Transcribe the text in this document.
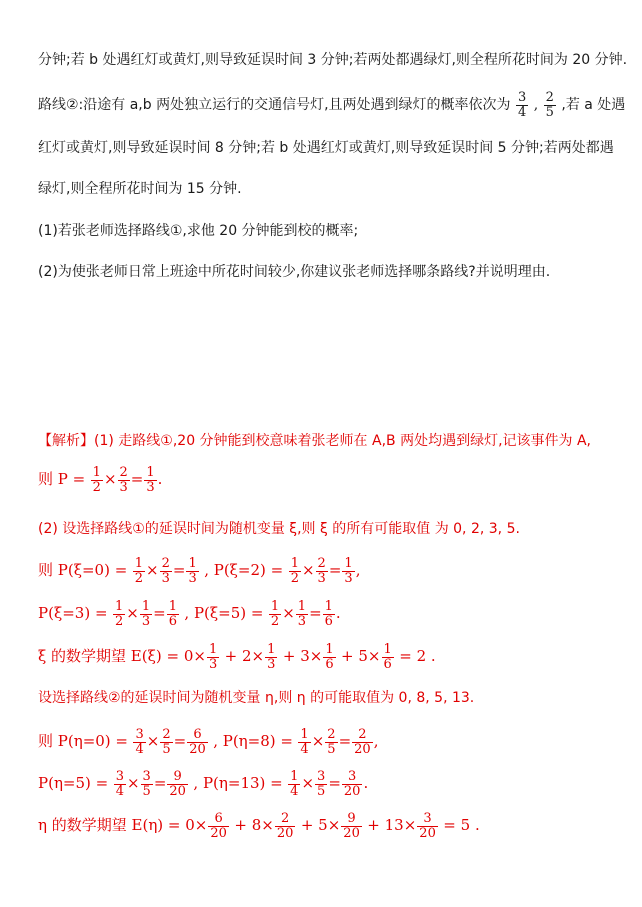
分钟;若 b 处遇红灯或黄灯,则导致延误时间 3 分钟;若两处都遇绿灯,则全程所花时间为 20 分钟.
路线②:沿途有 a,b 两处独立运行的交通信号灯,且两处遇到绿灯的概率依次为 $\frac{3}{4}$ , $\frac{2}{5}$ ,若 a 处遇
红灯或黄灯,则导致延误时间 8 分钟;若 b 处遇红灯或黄灯,则导致延误时间 5 分钟;若两处都遇
绿灯,则全程所花时间为 15 分钟.
(1)若张老师选择路线①,求他 20 分钟能到校的概率;
(2)为使张老师日常上班途中所花时间较少,你建议张老师选择哪条路线?并说明理由.
【解析】(1) 走路线①,20 分钟能到校意味着张老师在 A,B 两处均遇到绿灯,记该事件为 A,
则 $P = \frac{1}{2} \times \frac{2}{3} = \frac{1}{3}$ .
(2) 设选择路线①的延误时间为随机变量 ξ,则 ξ 的所有可能取值 为 0, 2, 3, 5.
则 $P(\xi=0) = \frac{1}{2} \times \frac{2}{3} = \frac{1}{3}$ , $P(\xi=2) = \frac{1}{2} \times \frac{2}{3} = \frac{1}{3}$ ,
$P(\xi=3) = \frac{1}{2} \times \frac{1}{3} = \frac{1}{6}$ , $P(\xi=5) = \frac{1}{2} \times \frac{1}{3} = \frac{1}{6}$ .
ξ 的数学期望 $E(\xi) = 0\times \frac{1}{3} + 2\times \frac{1}{3} + 3\times \frac{1}{6} + 5\times \frac{1}{6} = 2$ .
设选择路线②的延误时间为随机变量 η,则 η 的可能取值为 0, 8, 5, 13.
则 $P(\eta=0) = \frac{3}{4} \times \frac{2}{5} = \frac{6}{20}$ , $P(\eta=8) = \frac{1}{4} \times \frac{2}{5} = \frac{2}{20}$ ,
$P(\eta=5) = \frac{3}{4} \times \frac{3}{5} = \frac{9}{20}$ , $P(\eta=13) = \frac{1}{4} \times \frac{3}{5} = \frac{3}{20}$ .
η 的数学期望 $E(\eta) = 0\times \frac{6}{20} + 8\times \frac{2}{20} + 5\times \frac{9}{20} + 13\times \frac{3}{20} = 5$ .
